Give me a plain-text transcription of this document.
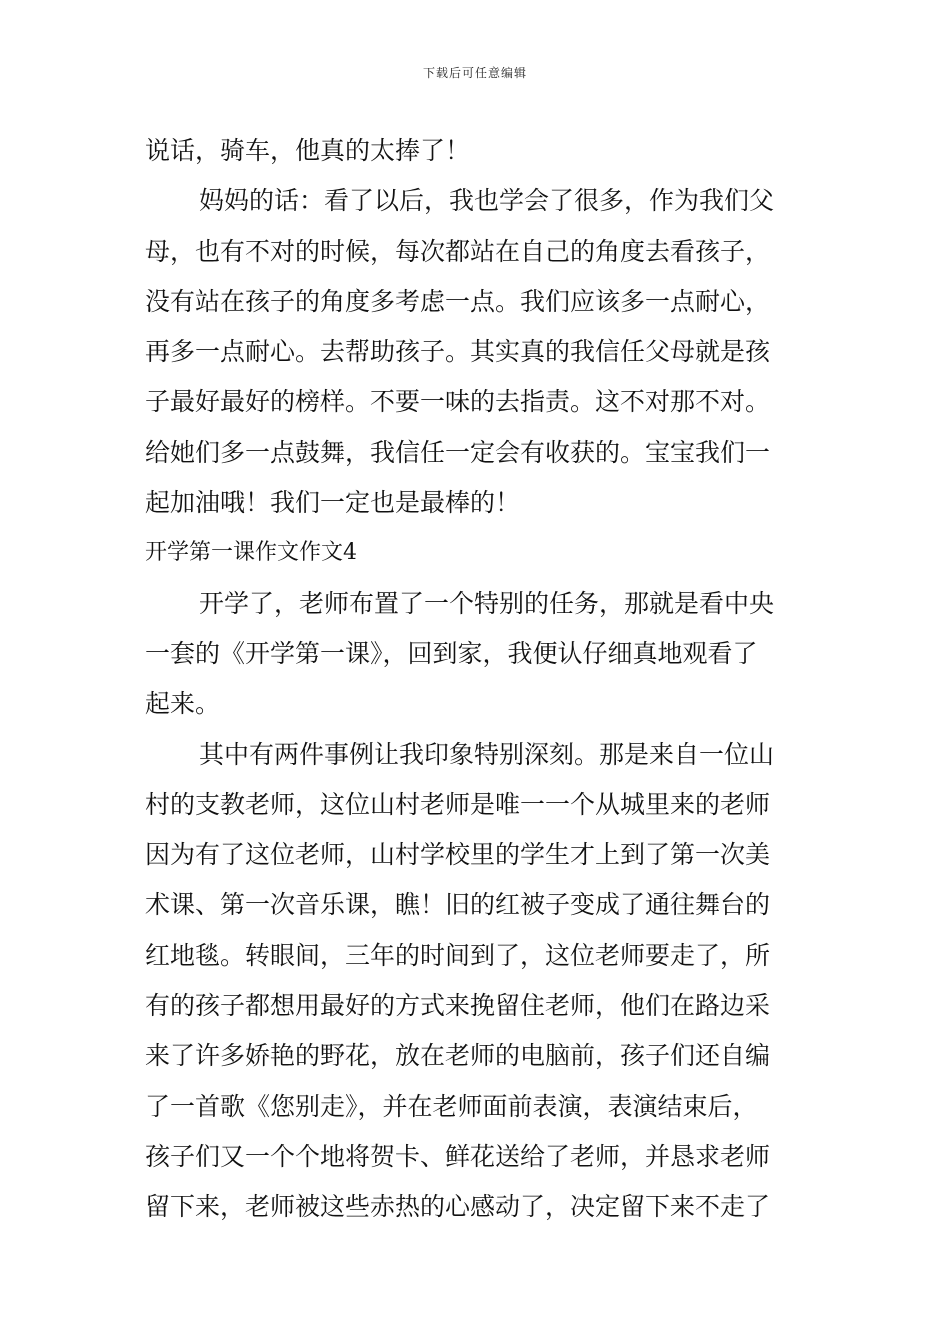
下载后可任意编辑
说话，骑车，他真的太捧了！
妈妈的话：看了以后，我也学会了很多，作为我们父
母，也有不对的时候，每次都站在自己的角度去看孩子，
没有站在孩子的角度多考虑一点。我们应该多一点耐心，
再多一点耐心。去帮助孩子。其实真的我信任父母就是孩
子最好最好的榜样。不要一味的去指责。这不对那不对。
给她们多一点鼓舞，我信任一定会有收获的。宝宝我们一
起加油哦！我们一定也是最棒的！
开学第一课作文作文4
开学了，老师布置了一个特别的任务，那就是看中央
一套的《开学第一课》，回到家，我便认仔细真地观看了
起来。
其中有两件事例让我印象特别深刻。那是来自一位山
村的支教老师，这位山村老师是唯一一个从城里来的老师
因为有了这位老师，山村学校里的学生才上到了第一次美
术课、第一次音乐课，瞧！旧的红被子变成了通往舞台的
红地毯。转眼间，三年的时间到了，这位老师要走了，所
有的孩子都想用最好的方式来挽留住老师，他们在路边采
来了许多娇艳的野花，放在老师的电脑前，孩子们还自编
了一首歌《您别走》，并在老师面前表演，表演结束后，
孩子们又一个个地将贺卡、鲜花送给了老师，并恳求老师
留下来，老师被这些赤热的心感动了，决定留下来不走了
